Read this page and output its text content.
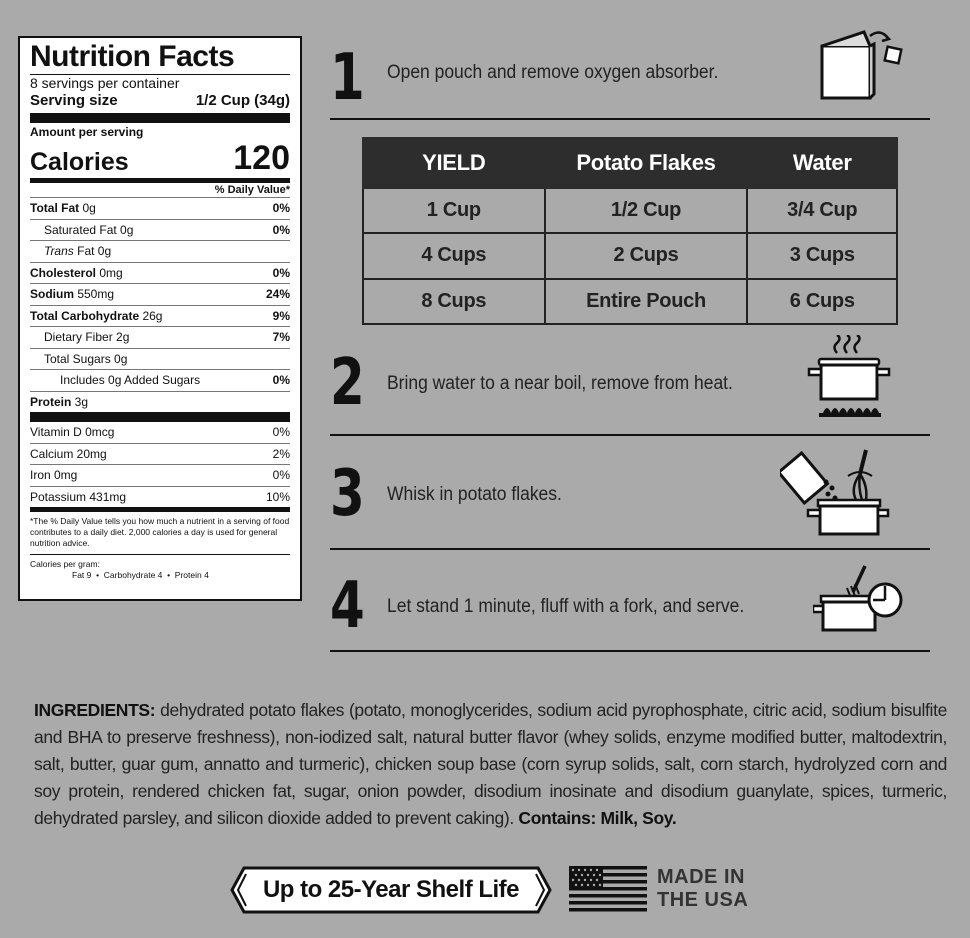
Nutrition Facts
8 servings per container
Serving size	1/2 Cup (34g)
Amount per serving
Calories	120
% Daily Value*
Total Fat 0g	0%
Saturated Fat 0g	0%
Trans Fat 0g
Cholesterol 0mg	0%
Sodium 550mg	24%
Total Carbohydrate 26g	9%
Dietary Fiber 2g	7%
Total Sugars 0g
Includes 0g Added Sugars	0%
Protein 3g
Vitamin D 0mcg	0%
Calcium 20mg	2%
Iron 0mg	0%
Potassium 431mg	10%
*The % Daily Value tells you how much a nutrient in a serving of food contributes to a daily diet. 2,000 calories a day is used for general nutrition advice.
Calories per gram:
Fat 9  •  Carbohydrate 4  •  Protein 4
1 Open pouch and remove oxygen absorber.
YIELD	Potato Flakes	Water
1 Cup	1/2 Cup	3/4 Cup
4 Cups	2 Cups	3 Cups
8 Cups	Entire Pouch	6 Cups
2 Bring water to a near boil, remove from heat.
3 Whisk in potato flakes.
4 Let stand 1 minute, fluff with a fork, and serve.
INGREDIENTS: dehydrated potato flakes (potato, monoglycerides, sodium acid pyrophosphate, citric acid, sodium bisulfite and BHA to preserve freshness), non-iodized salt, natural butter flavor (whey solids, enzyme modified butter, maltodextrin, salt, butter, guar gum, annatto and turmeric), chicken soup base (corn syrup solids, salt, corn starch, hydrolyzed corn and soy protein, rendered chicken fat, sugar, onion powder, disodium inosinate and disodium guanylate, spices, turmeric, dehydrated parsley, and silicon dioxide added to prevent caking). Contains: Milk, Soy.
Up to 25-Year Shelf Life	MADE IN
THE USA
